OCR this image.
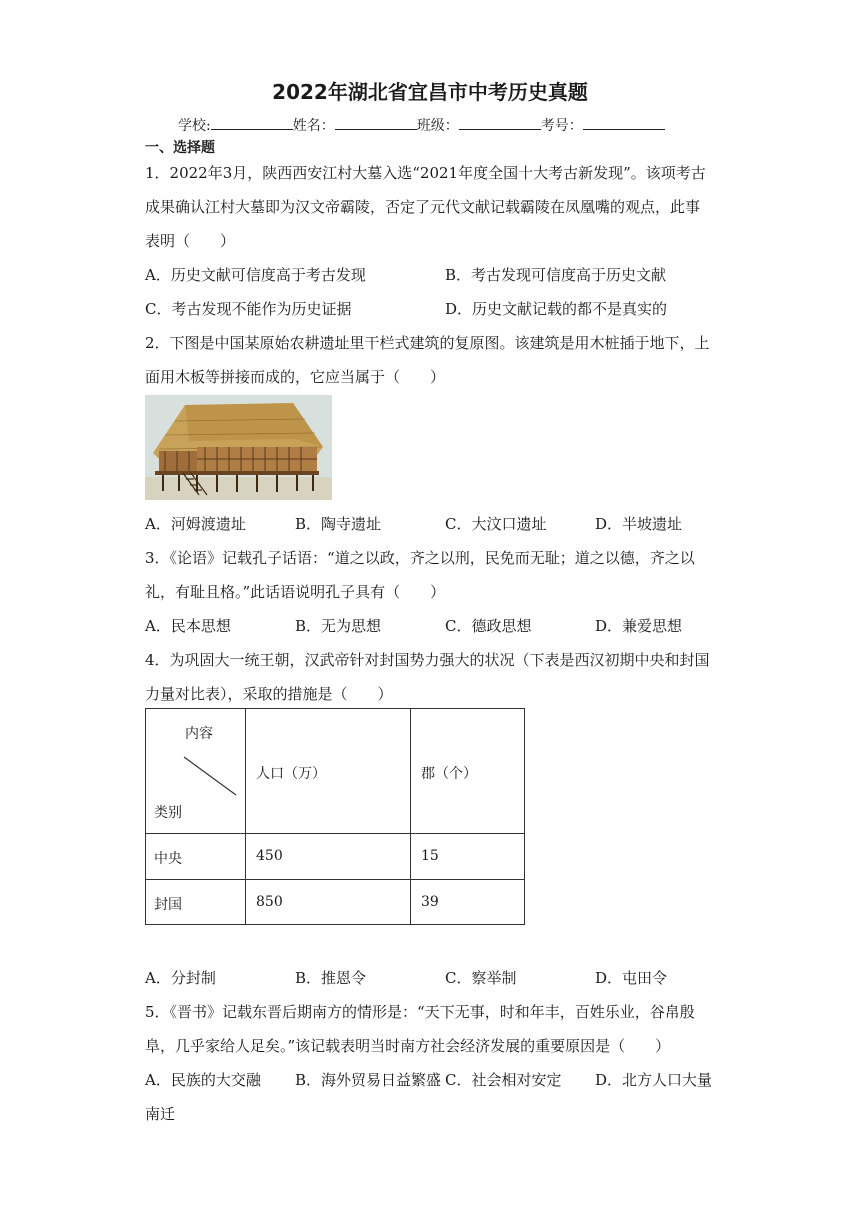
2022年湖北省宜昌市中考历史真题
学校:	姓名：	班级：	考号：
一、选择题
1．2022年3月，陕西西安江村大墓入选“2021年度全国十大考古新发现”。该项考古
成果确认江村大墓即为汉文帝霸陵，否定了元代文献记载霸陵在凤凰嘴的观点，此事
表明（　　）
A．历史文献可信度高于考古发现	B．考古发现可信度高于历史文献
C．考古发现不能作为历史证据	D．历史文献记载的都不是真实的
2．下图是中国某原始农耕遗址里干栏式建筑的复原图。该建筑是用木桩插于地下，上
面用木板等拼接而成的，它应当属于（　　）
A．河姆渡遗址	B．陶寺遗址	C．大汶口遗址	D．半坡遗址
3．《论语》记载孔子话语：“道之以政，齐之以刑，民免而无耻；道之以德，齐之以
礼，有耻且格。”此话语说明孔子具有（　　）
A．民本思想	B．无为思想	C．德政思想	D．兼爱思想
4．为巩固大一统王朝，汉武帝针对封国势力强大的状况（下表是西汉初期中央和封国
力量对比表），采取的措施是（　　）
内容
类别
人口（万）	郡（个）
中央	450	15
封国	850	39
A．分封制	B．推恩令	C．察举制	D．屯田令
5．《晋书》记载东晋后期南方的情形是：“天下无事，时和年丰，百姓乐业，谷帛殷
阜，几乎家给人足矣。”该记载表明当时南方社会经济发展的重要原因是（　　）
A．民族的大交融 B．海外贸易日益繁盛 C．社会相对安定 D．北方人口大量
南迁
